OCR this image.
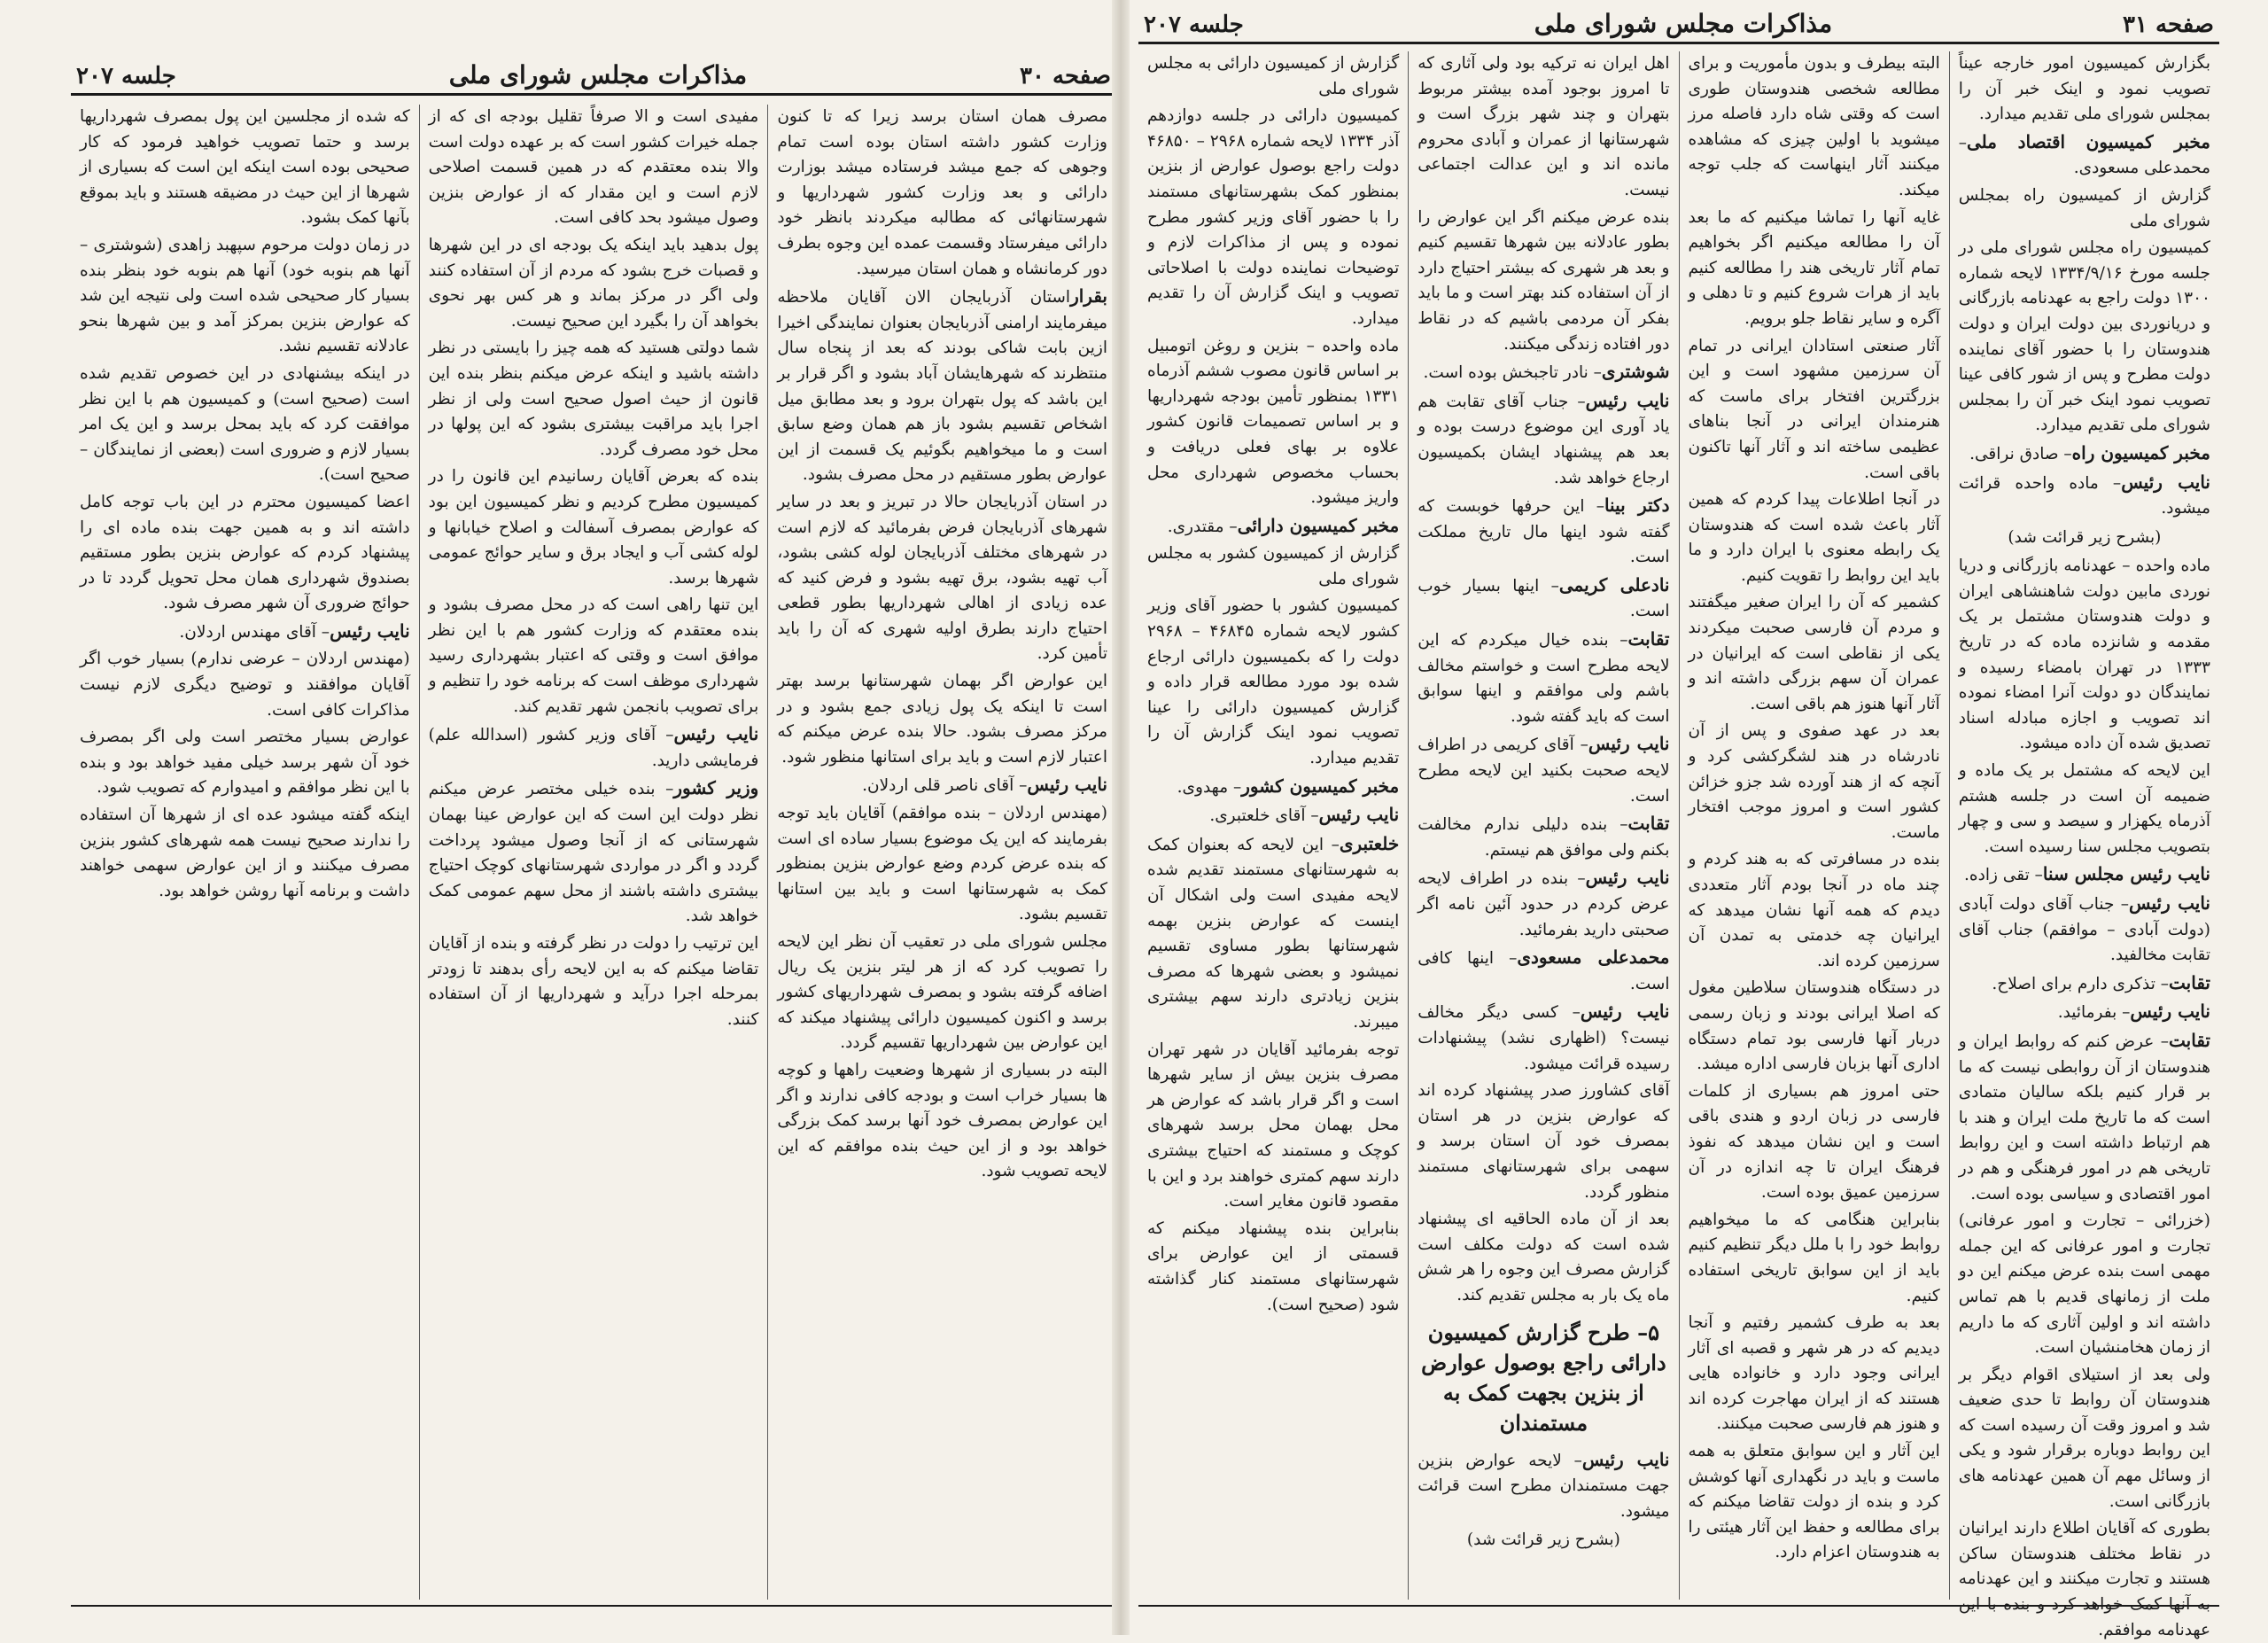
صفحه ۳۰
مذاکرات مجلس شورای ملی
جلسه ۲۰۷

مصرف همان استان برسد زیرا که تا کنون وزارت کشور داشته استان بوده است تمام وجوهی که جمع میشد فرستاده میشد بوزارت دارائی و بعد وزارت کشور شهرداریها و شهرستانهائی که مطالبه میکردند بانظر خود دارائی میفرستاد وقسمت عمده این وجوه بطرف دور کرمانشاه و همان استان میرسید.

بقراراستان آذربایجان الان آقایان ملاحظه میفرمایند ارامنی آذربایجان بعنوان نمایندگی اخیرا ازین بابت شاکی بودند که بعد از پنجاه سال منتظرند که شهرهایشان آباد بشود و اگر قرار بر این باشد که پول بتهران برود و بعد مطابق میل اشخاص تقسیم بشود باز هم همان وضع سابق است و ما میخواهیم بگوئیم یک قسمت از این عوارض بطور مستقیم در محل مصرف بشود.

در استان آذربایجان حالا در تبریز و بعد در سایر شهرهای آذربایجان فرض بفرمائید که لازم است در شهرهای مختلف آذربایجان لوله کشی بشود، آب تهیه بشود، برق تهیه بشود و فرض کنید که عده زیادی از اهالی شهرداریها بطور قطعی احتیاج دارند بطرق اولیه شهری که آن را باید تأمین کرد.

این عوارض اگر بهمان شهرستانها برسد بهتر است تا اینکه یک پول زیادی جمع بشود و در مرکز مصرف بشود. حالا بنده عرض میکنم که اعتبار لازم است و باید برای استانها منظور شود.

نایب رئیس– آقای ناصر قلی اردلان.

(مهندس اردلان – بنده موافقم) آقایان باید توجه بفرمایند که این یک موضوع بسیار ساده ای است که بنده عرض کردم وضع عوارض بنزین بمنظور کمک به شهرستانها است و باید بین استانها تقسیم بشود.

مجلس شورای ملی در تعقیب آن نظر این لایحه را تصویب کرد که از هر لیتر بنزین یک ریال اضافه گرفته بشود و بمصرف شهرداریهای کشور برسد و اکنون کمیسیون دارائی پیشنهاد میکند که این عوارض بین شهرداریها تقسیم گردد.

البته در بسیاری از شهرها وضعیت راهها و کوچه ها بسیار خراب است و بودجه کافی ندارند و اگر این عوارض بمصرف خود آنها برسد کمک بزرگی خواهد بود و از این حیث بنده موافقم که این لایحه تصویب شود.

مفیدی است و الا صرفاً تقلیل بودجه ای که از جمله خیرات کشور است که بر عهده دولت است والا بنده معتقدم که در همین قسمت اصلاحی لازم است و این مقدار که از عوارض بنزین وصول میشود بحد کافی است.

پول بدهید باید اینکه یک بودجه ای در این شهرها و قصبات خرج بشود که مردم از آن استفاده کنند ولی اگر در مرکز بماند و هر کس بهر نحوی بخواهد آن را بگیرد این صحیح نیست.

شما دولتی هستید که همه چیز را بایستی در نظر داشته باشید و اینکه عرض میکنم بنظر بنده این قانون از حیث اصول صحیح است ولی از نظر اجرا باید مراقبت بیشتری بشود که این پولها در محل خود مصرف گردد.

بنده که بعرض آقایان رسانیدم این قانون را در کمیسیون مطرح کردیم و نظر کمیسیون این بود که عوارض بمصرف آسفالت و اصلاح خیابانها و لوله کشی آب و ایجاد برق و سایر حوائج عمومی شهرها برسد.

این تنها راهی است که در محل مصرف بشود و بنده معتقدم که وزارت کشور هم با این نظر موافق است و وقتی که اعتبار بشهرداری رسید شهرداری موظف است که برنامه خود را تنظیم و برای تصویب بانجمن شهر تقدیم کند.

نایب رئیس– آقای وزیر کشور (اسدالله علم) فرمایشی دارید.

وزیر کشور– بنده خیلی مختصر عرض میکنم نظر دولت این است که این عوارض عینا بهمان شهرستانی که از آنجا وصول میشود پرداخت گردد و اگر در مواردی شهرستانهای کوچک احتیاج بیشتری داشته باشند از محل سهم عمومی کمک خواهد شد.

این ترتیب را دولت در نظر گرفته و بنده از آقایان تقاضا میکنم که به این لایحه رأی بدهند تا زودتر بمرحله اجرا درآید و شهرداریها از آن استفاده کنند.

که شده از مجلسین این پول بمصرف شهرداریها برسد و حتما تصویب خواهید فرمود که کار صحیحی بوده است اینکه این است که بسیاری از شهرها از این حیث در مضیقه هستند و باید بموقع بآنها کمک بشود.

در زمان دولت مرحوم سپهبد زاهدی (شوشتری – آنها هم بنوبه خود) آنها هم بنوبه خود بنظر بنده بسیار کار صحیحی شده است ولی نتیجه این شد که عوارض بنزین بمرکز آمد و بین شهرها بنحو عادلانه تقسیم نشد.

در اینکه بیشنهادی در این خصوص تقدیم شده است (صحیح است) و کمیسیون هم با این نظر موافقت کرد که باید بمحل برسد و این یک امر بسیار لازم و ضروری است (بعضی از نمایندگان – صحیح است).

اعضا کمیسیون محترم در این باب توجه کامل داشته اند و به همین جهت بنده ماده ای را پیشنهاد کردم که عوارض بنزین بطور مستقیم بصندوق شهرداری همان محل تحویل گردد تا در حوائج ضروری آن شهر مصرف شود.

نایب رئیس– آقای مهندس اردلان.

(مهندس اردلان – عرضی ندارم) بسیار خوب اگر آقایان موافقند و توضیح دیگری لازم نیست مذاکرات کافی است.

عوارض بسیار مختصر است ولی اگر بمصرف خود آن شهر برسد خیلی مفید خواهد بود و بنده با این نظر موافقم و امیدوارم که تصویب شود.

اینکه گفته میشود عده ای از شهرها آن استفاده را ندارند صحیح نیست همه شهرهای کشور بنزین مصرف میکنند و از این عوارض سهمی خواهند داشت و برنامه آنها روشن خواهد بود.

صفحه ۳۱
مذاکرات مجلس شورای ملی
جلسه ۲۰۷

بگزارش کمیسیون امور خارجه عیناً تصویب نمود و اینک خبر آن را بمجلس شورای ملی تقدیم میدارد.

مخبر کمیسیون اقتصاد ملی– محمدعلی مسعودی.

گزارش از کمیسیون راه بمجلس شورای ملی

کمیسیون راه مجلس شورای ملی در جلسه مورخ ۱۳۳۴/۹/۱۶ لایحه شماره ۱۳۰۰ دولت راجع به عهدنامه بازرگانی و دریانوردی بین دولت ایران و دولت هندوستان را با حضور آقای نماینده دولت مطرح و پس از شور کافی عینا تصویب نمود اینک خبر آن را بمجلس شورای ملی تقدیم میدارد.

مخبر کمیسیون راه– صادق نراقی.

نایب رئیس– ماده واحده قرائت میشود.

(بشرح زیر قرائت شد)

ماده واحده – عهدنامه بازرگانی و دریا نوردی مابین دولت شاهنشاهی ایران و دولت هندوستان مشتمل بر یک مقدمه و شانزده ماده که در تاریخ ۱۳۳۳ در تهران بامضاء رسیده و نمایندگان دو دولت آنرا امضاء نموده اند تصویب و اجازه مبادله اسناد تصدیق شده آن داده میشود.

این لایحه که مشتمل بر یک ماده و ضمیمه آن است در جلسه هشتم آذرماه یکهزار و سیصد و سی و چهار بتصویب مجلس سنا رسیده است.

نایب رئیس مجلس سنا– تقی زاده.

نایب رئیس– جناب آقای دولت آبادی (دولت آبادی – موافقم) جناب آقای تقابت مخالفید.

تقابت– تذکری دارم برای اصلاح.

نایب رئیس– بفرمائید.

تقابت– عرض کنم که روابط ایران و هندوستان از آن روابطی نیست که ما بر قرار کنیم بلکه سالیان متمادی است که ما تاریخ ملت ایران و هند با هم ارتباط داشته است و این روابط تاریخی هم در امور فرهنگی و هم در امور اقتصادی و سیاسی بوده است.

(خزرائی – تجارت و امور عرفانی) تجارت و امور عرفانی که این جمله مهمی است بنده عرض میکنم این دو ملت از زمانهای قدیم با هم تماس داشته اند و اولین آثاری که ما داریم از زمان هخامنشیان است.

ولی بعد از استیلای اقوام دیگر بر هندوستان آن روابط تا حدی ضعیف شد و امروز وقت آن رسیده است که این روابط دوباره برقرار شود و یکی از وسائل مهم آن همین عهدنامه های بازرگانی است.

بطوری که آقایان اطلاع دارند ایرانیان در نقاط مختلف هندوستان ساکن هستند و تجارت میکنند و این عهدنامه به آنها کمک خواهد کرد و بنده با این عهدنامه موافقم.

البته بیطرف و بدون مأموریت و برای مطالعه شخصی هندوستان طوری است که وقتی شاه دارد فاصله مرز میشوید با اولین چیزی که مشاهده میکنند آثار اینهاست که جلب توجه میکند.

غایه آنها را تماشا میکنیم که ما بعد آن را مطالعه میکنیم اگر بخواهیم تمام آثار تاریخی هند را مطالعه کنیم باید از هرات شروع کنیم و تا دهلی و آگره و سایر نقاط جلو برویم.

آثار صنعتی استادان ایرانی در تمام آن سرزمین مشهود است و این بزرگترین افتخار برای ماست که هنرمندان ایرانی در آنجا بناهای عظیمی ساخته اند و آثار آنها تاکنون باقی است.

در آنجا اطلاعات پیدا کردم که همین آثار باعث شده است که هندوستان یک رابطه معنوی با ایران دارد و ما باید این روابط را تقویت کنیم.

کشمیر که آن را ایران صغیر میگفتند و مردم آن فارسی صحبت میکردند یکی از نقاطی است که ایرانیان در عمران آن سهم بزرگی داشته اند و آثار آنها هنوز هم باقی است.

بعد در عهد صفوی و پس از آن نادرشاه در هند لشگرکشی کرد و آنچه که از هند آورده شد جزو خزائن کشور است و امروز موجب افتخار ماست.

بنده در مسافرتی که به هند کردم و چند ماه در آنجا بودم آثار متعددی دیدم که همه آنها نشان میدهد که ایرانیان چه خدمتی به تمدن آن سرزمین کرده اند.

در دستگاه هندوستان سلاطین مغول که اصلا ایرانی بودند و زبان رسمی دربار آنها فارسی بود تمام دستگاه اداری آنها بزبان فارسی اداره میشد.

حتی امروز هم بسیاری از کلمات فارسی در زبان اردو و هندی باقی است و این نشان میدهد که نفوذ فرهنگ ایران تا چه اندازه در آن سرزمین عمیق بوده است.

بنابراین هنگامی که ما میخواهیم روابط خود را با ملل دیگر تنظیم کنیم باید از این سوابق تاریخی استفاده کنیم.

بعد به طرف کشمیر رفتیم و آنجا دیدیم که در هر شهر و قصبه ای آثار ایرانی وجود دارد و خانواده هایی هستند که از ایران مهاجرت کرده اند و هنوز هم فارسی صحبت میکنند.

این آثار و این سوابق متعلق به همه ماست و باید در نگهداری آنها کوشش کرد و بنده از دولت تقاضا میکنم که برای مطالعه و حفظ این آثار هیئتی را به هندوستان اعزام دارد.

اهل ایران نه ترکیه بود ولی آثاری که تا امروز بوجود آمده بیشتر مربوط بتهران و چند شهر بزرگ است و شهرستانها از عمران و آبادی محروم مانده اند و این عدالت اجتماعی نیست.

بنده عرض میکنم اگر این عوارض را بطور عادلانه بین شهرها تقسیم کنیم و بعد هر شهری که بیشتر احتیاج دارد از آن استفاده کند بهتر است و ما باید بفکر آن مردمی باشیم که در نقاط دور افتاده زندگی میکنند.

شوشتری– نادر تاجبخش بوده است.

نایب رئیس– جناب آقای تقابت هم یاد آوری این موضوع درست بوده و بعد هم پیشنهاد ایشان بکمیسیون ارجاع خواهد شد.

دکتر بینا– این حرفها خوبست که گفته شود اینها مال تاریخ مملکت است.

نادعلی کریمی– اینها بسیار خوب است.

تقابت– بنده خیال میکردم که این لایحه مطرح است و خواستم مخالف باشم ولی موافقم و اینها سوابق است که باید گفته شود.

نایب رئیس– آقای کریمی در اطراف لایحه صحبت بکنید این لایحه مطرح است.

تقابت– بنده دلیلی ندارم مخالفت بکنم ولی موافق هم نیستم.

نایب رئیس– بنده در اطراف لایحه عرض کردم در حدود آئین نامه اگر صحبتی دارید بفرمائید.

محمدعلی مسعودی– اینها کافی است.

نایب رئیس– کسی دیگر مخالف نیست؟ (اظهاری نشد) پیشنهادات رسیده قرائت میشود.

آقای کشاورز صدر پیشنهاد کرده اند که عوارض بنزین در هر استان بمصرف خود آن استان برسد و سهمی برای شهرستانهای مستمند منظور گردد.

بعد از آن ماده الحاقیه ای پیشنهاد شده است که دولت مکلف است گزارش مصرف این وجوه را هر شش ماه یک بار به مجلس تقدیم کند.

۵– طرح گزارش کمیسیون دارائی راجع بوصول عوارض از بنزین بجهت کمک به مستمندان

نایب رئیس– لایحه عوارض بنزین جهت مستمندان مطرح است قرائت میشود.

(بشرح زیر قرائت شد)

گزارش از کمیسیون دارائی به مجلس شورای ملی

کمیسیون دارائی در جلسه دوازدهم آذر ۱۳۳۴ لایحه شماره ۲۹۶۸ – ۴۶۸۵۰ دولت راجع بوصول عوارض از بنزین بمنظور کمک بشهرستانهای مستمند را با حضور آقای وزیر کشور مطرح نموده و پس از مذاکرات لازم و توضیحات نماینده دولت با اصلاحاتی تصویب و اینک گزارش آن را تقدیم میدارد.

ماده واحده – بنزین و روغن اتومبیل بر اساس قانون مصوب ششم آذرماه ۱۳۳۱ بمنظور تأمین بودجه شهرداریها و بر اساس تصمیمات قانون کشور علاوه بر بهای فعلی دریافت و بحساب مخصوص شهرداری محل واریز میشود.

مخبر کمیسیون دارائی– مقتدری.

گزارش از کمیسیون کشور به مجلس شورای ملی

کمیسیون کشور با حضور آقای وزیر کشور لایحه شماره ۴۶۸۴۵ – ۲۹۶۸ دولت را که بکمیسیون دارائی ارجاع شده بود مورد مطالعه قرار داده و گزارش کمیسیون دارائی را عینا تصویب نمود اینک گزارش آن را تقدیم میدارد.

مخبر کمیسیون کشور– مهدوی.

نایب رئیس– آقای خلعتبری.

خلعتبری– این لایحه که بعنوان کمک به شهرستانهای مستمند تقدیم شده لایحه مفیدی است ولی اشکال آن اینست که عوارض بنزین بهمه شهرستانها بطور مساوی تقسیم نمیشود و بعضی شهرها که مصرف بنزین زیادتری دارند سهم بیشتری میبرند.

توجه بفرمائید آقایان در شهر تهران مصرف بنزین بیش از سایر شهرها است و اگر قرار باشد که عوارض هر محل بهمان محل برسد شهرهای کوچک و مستمند که احتیاج بیشتری دارند سهم کمتری خواهند برد و این با مقصود قانون مغایر است.

بنابراین بنده پیشنهاد میکنم که قسمتی از این عوارض برای شهرستانهای مستمند کنار گذاشته شود (صحیح است).
